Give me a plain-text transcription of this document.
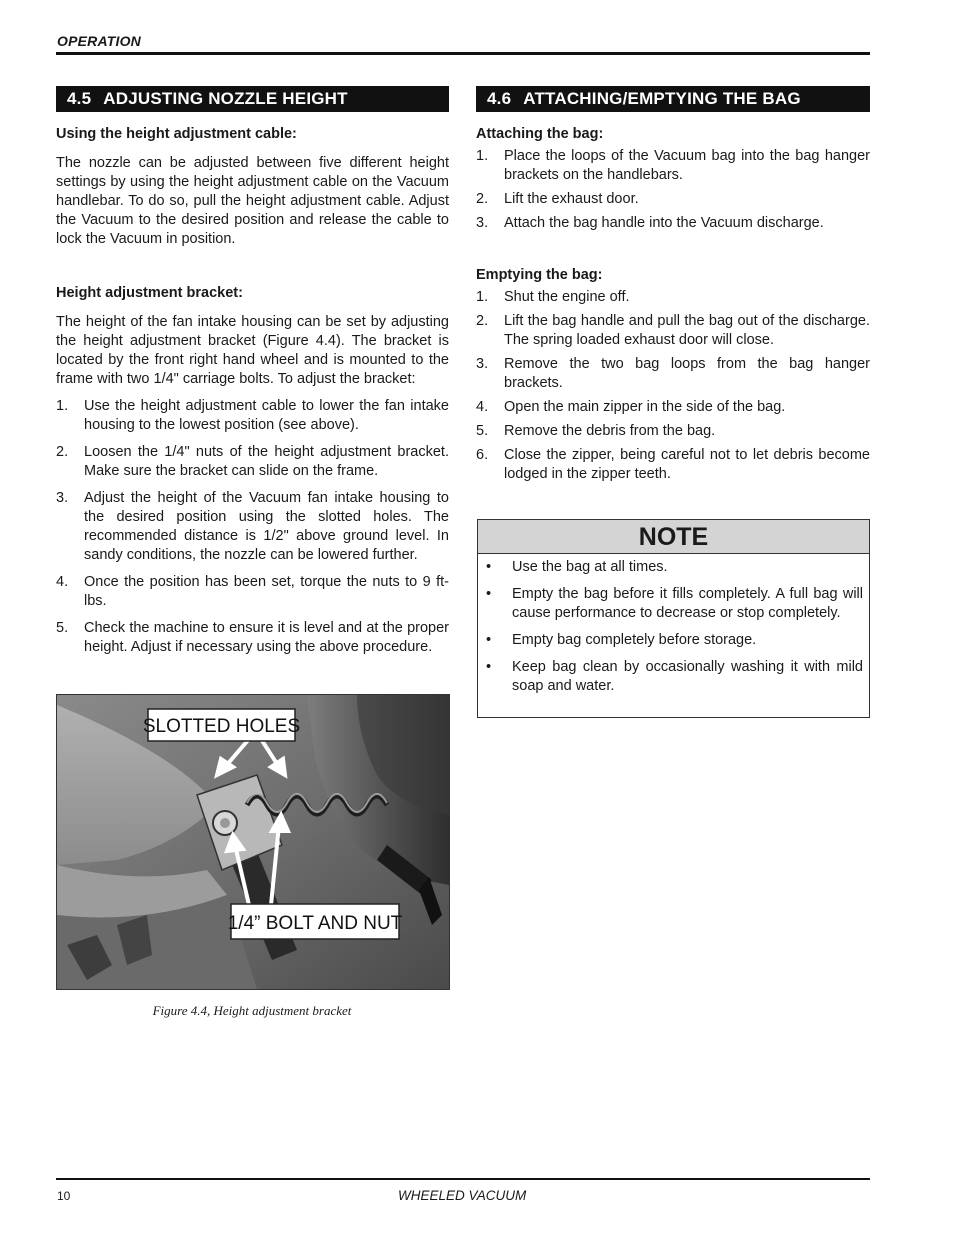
OPERATION
4.5 ADJUSTING NOZZLE HEIGHT
Using the height adjustment cable:

The nozzle can be adjusted between five different height settings by using the height adjustment cable on the Vacuum handlebar. To do so, pull the height adjustment cable. Adjust the Vacuum to the desired position and release the cable to lock the Vacuum in position.

Height adjustment bracket:

The height of the fan intake housing can be set by adjusting the height adjustment bracket (Figure 4.4). The bracket is located by the front right hand wheel and is mounted to the frame with two 1/4" carriage bolts. To adjust the bracket:

1. Use the height adjustment cable to lower the fan intake housing to the lowest position (see above).
2. Loosen the 1/4" nuts of the height adjustment bracket. Make sure the bracket can slide on the frame.
3. Adjust the height of the Vacuum fan intake housing to the desired position using the slotted holes. The recommended distance is 1/2" above ground level. In sandy conditions, the nozzle can be lowered further.
4. Once the position has been set, torque the nuts to 9 ft-lbs.
5. Check the machine to ensure it is level and at the proper height. Adjust if necessary using the above procedure.
SLOTTED HOLES
1/4” BOLT AND NUT
Figure 4.4, Height adjustment bracket
4.6 ATTACHING/EMPTYING THE BAG
Attaching the bag:
1. Place the loops of the Vacuum bag into the bag hanger brackets on the handlebars.
2. Lift the exhaust door.
3. Attach the bag handle into the Vacuum discharge.
Emptying the bag:
1. Shut the engine off.
2. Lift the bag handle and pull the bag out of the discharge. The spring loaded exhaust door will close.
3. Remove the two bag loops from the bag hanger brackets.
4. Open the main zipper in the side of the bag.
5. Remove the debris from the bag.
6. Close the zipper, being careful not to let debris become lodged in the zipper teeth.
NOTE
• Use the bag at all times.
• Empty the bag before it fills completely. A full bag will cause performance to decrease or stop completely.
• Empty bag completely before storage.
• Keep bag clean by occasionally washing it with mild soap and water.
10	WHEELED VACUUM
